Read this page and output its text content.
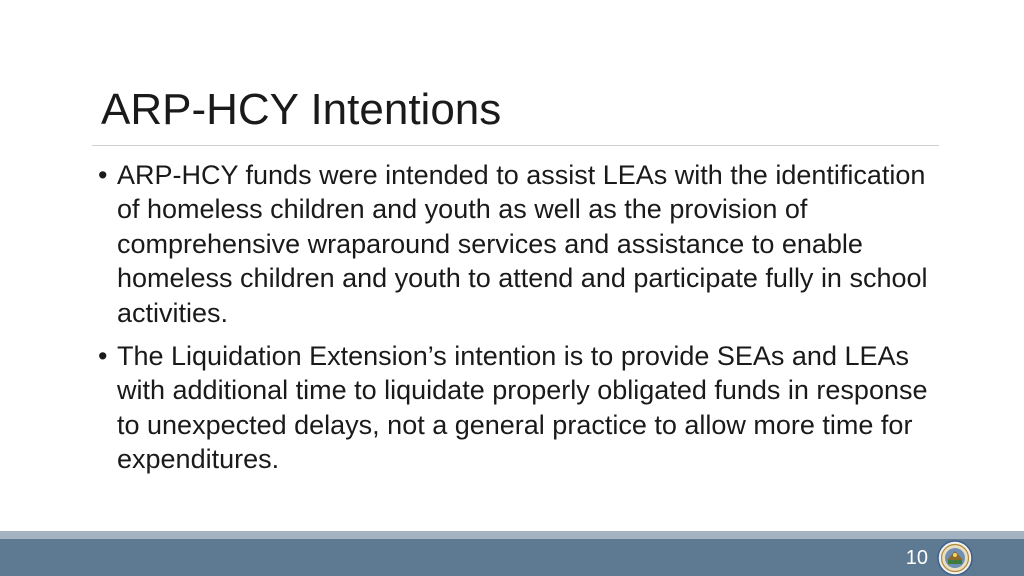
ARP-HCY Intentions
• ARP-HCY funds were intended to assist LEAs with the identification of homeless children and youth as well as the provision of comprehensive wraparound services and assistance to enable homeless children and youth to attend and participate fully in school activities.
• The Liquidation Extension’s intention is to provide SEAs and LEAs with additional time to liquidate properly obligated funds in response to unexpected delays, not a general practice to allow more time for expenditures.
10
